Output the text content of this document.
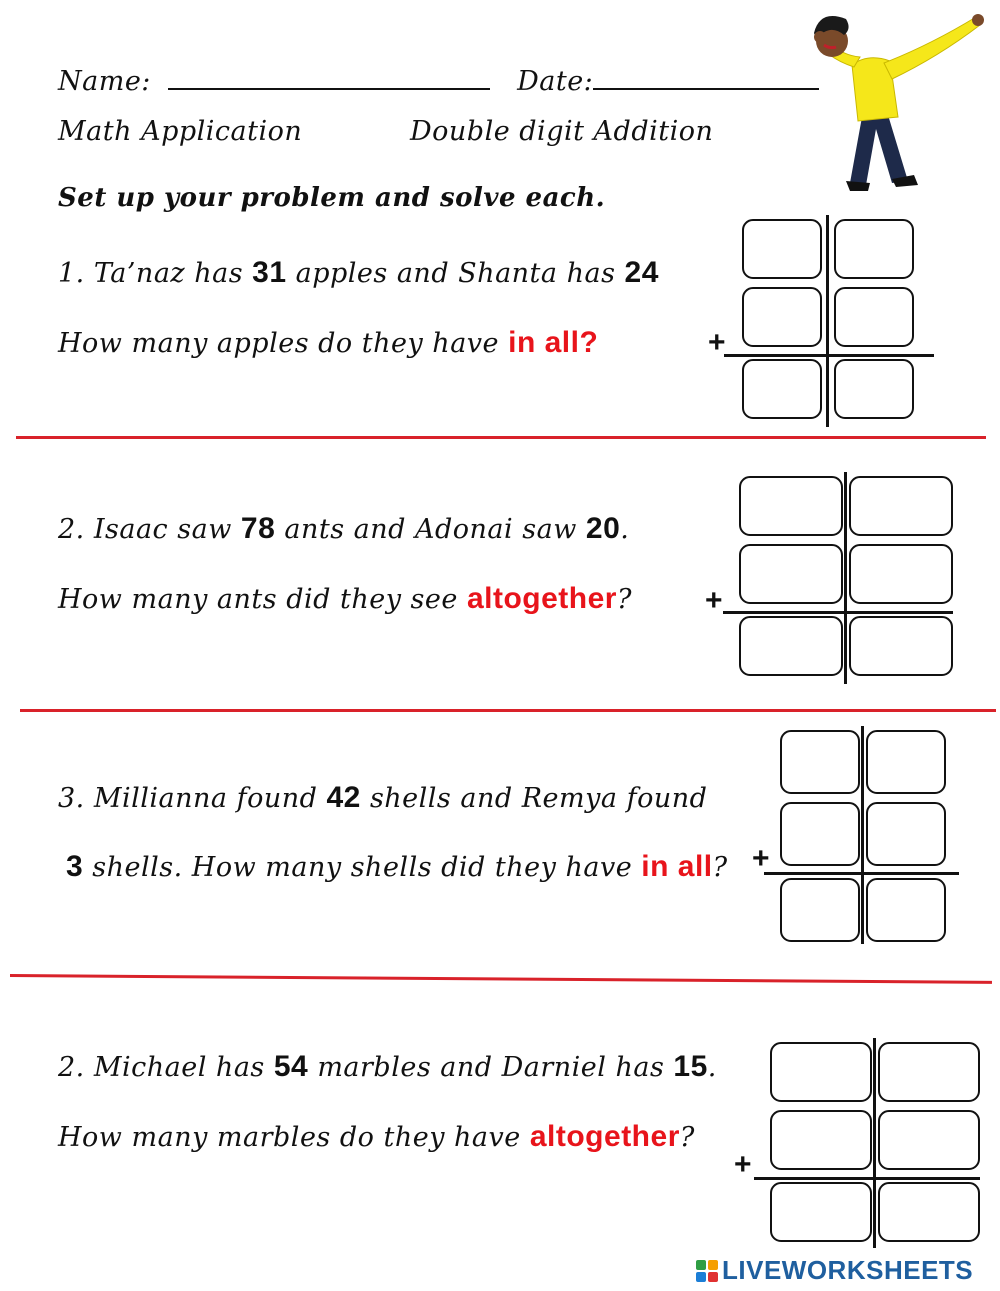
Name:	Date:
Math Application	Double digit Addition
Set up your problem and solve each.
1. Ta’naz has 31 apples and Shanta has 24
How many apples do they have in all?	+
2. Isaac saw 78 ants and Adonai saw 20.
How many ants did they see altogether? +
3. Millianna found 42 shells and Remya found
3 shells. How many shells did they have in all? +
2. Michael has 54 marbles and Darniel has 15.
How many marbles do they have altogether?
+
LIVEWORKSHEETS
